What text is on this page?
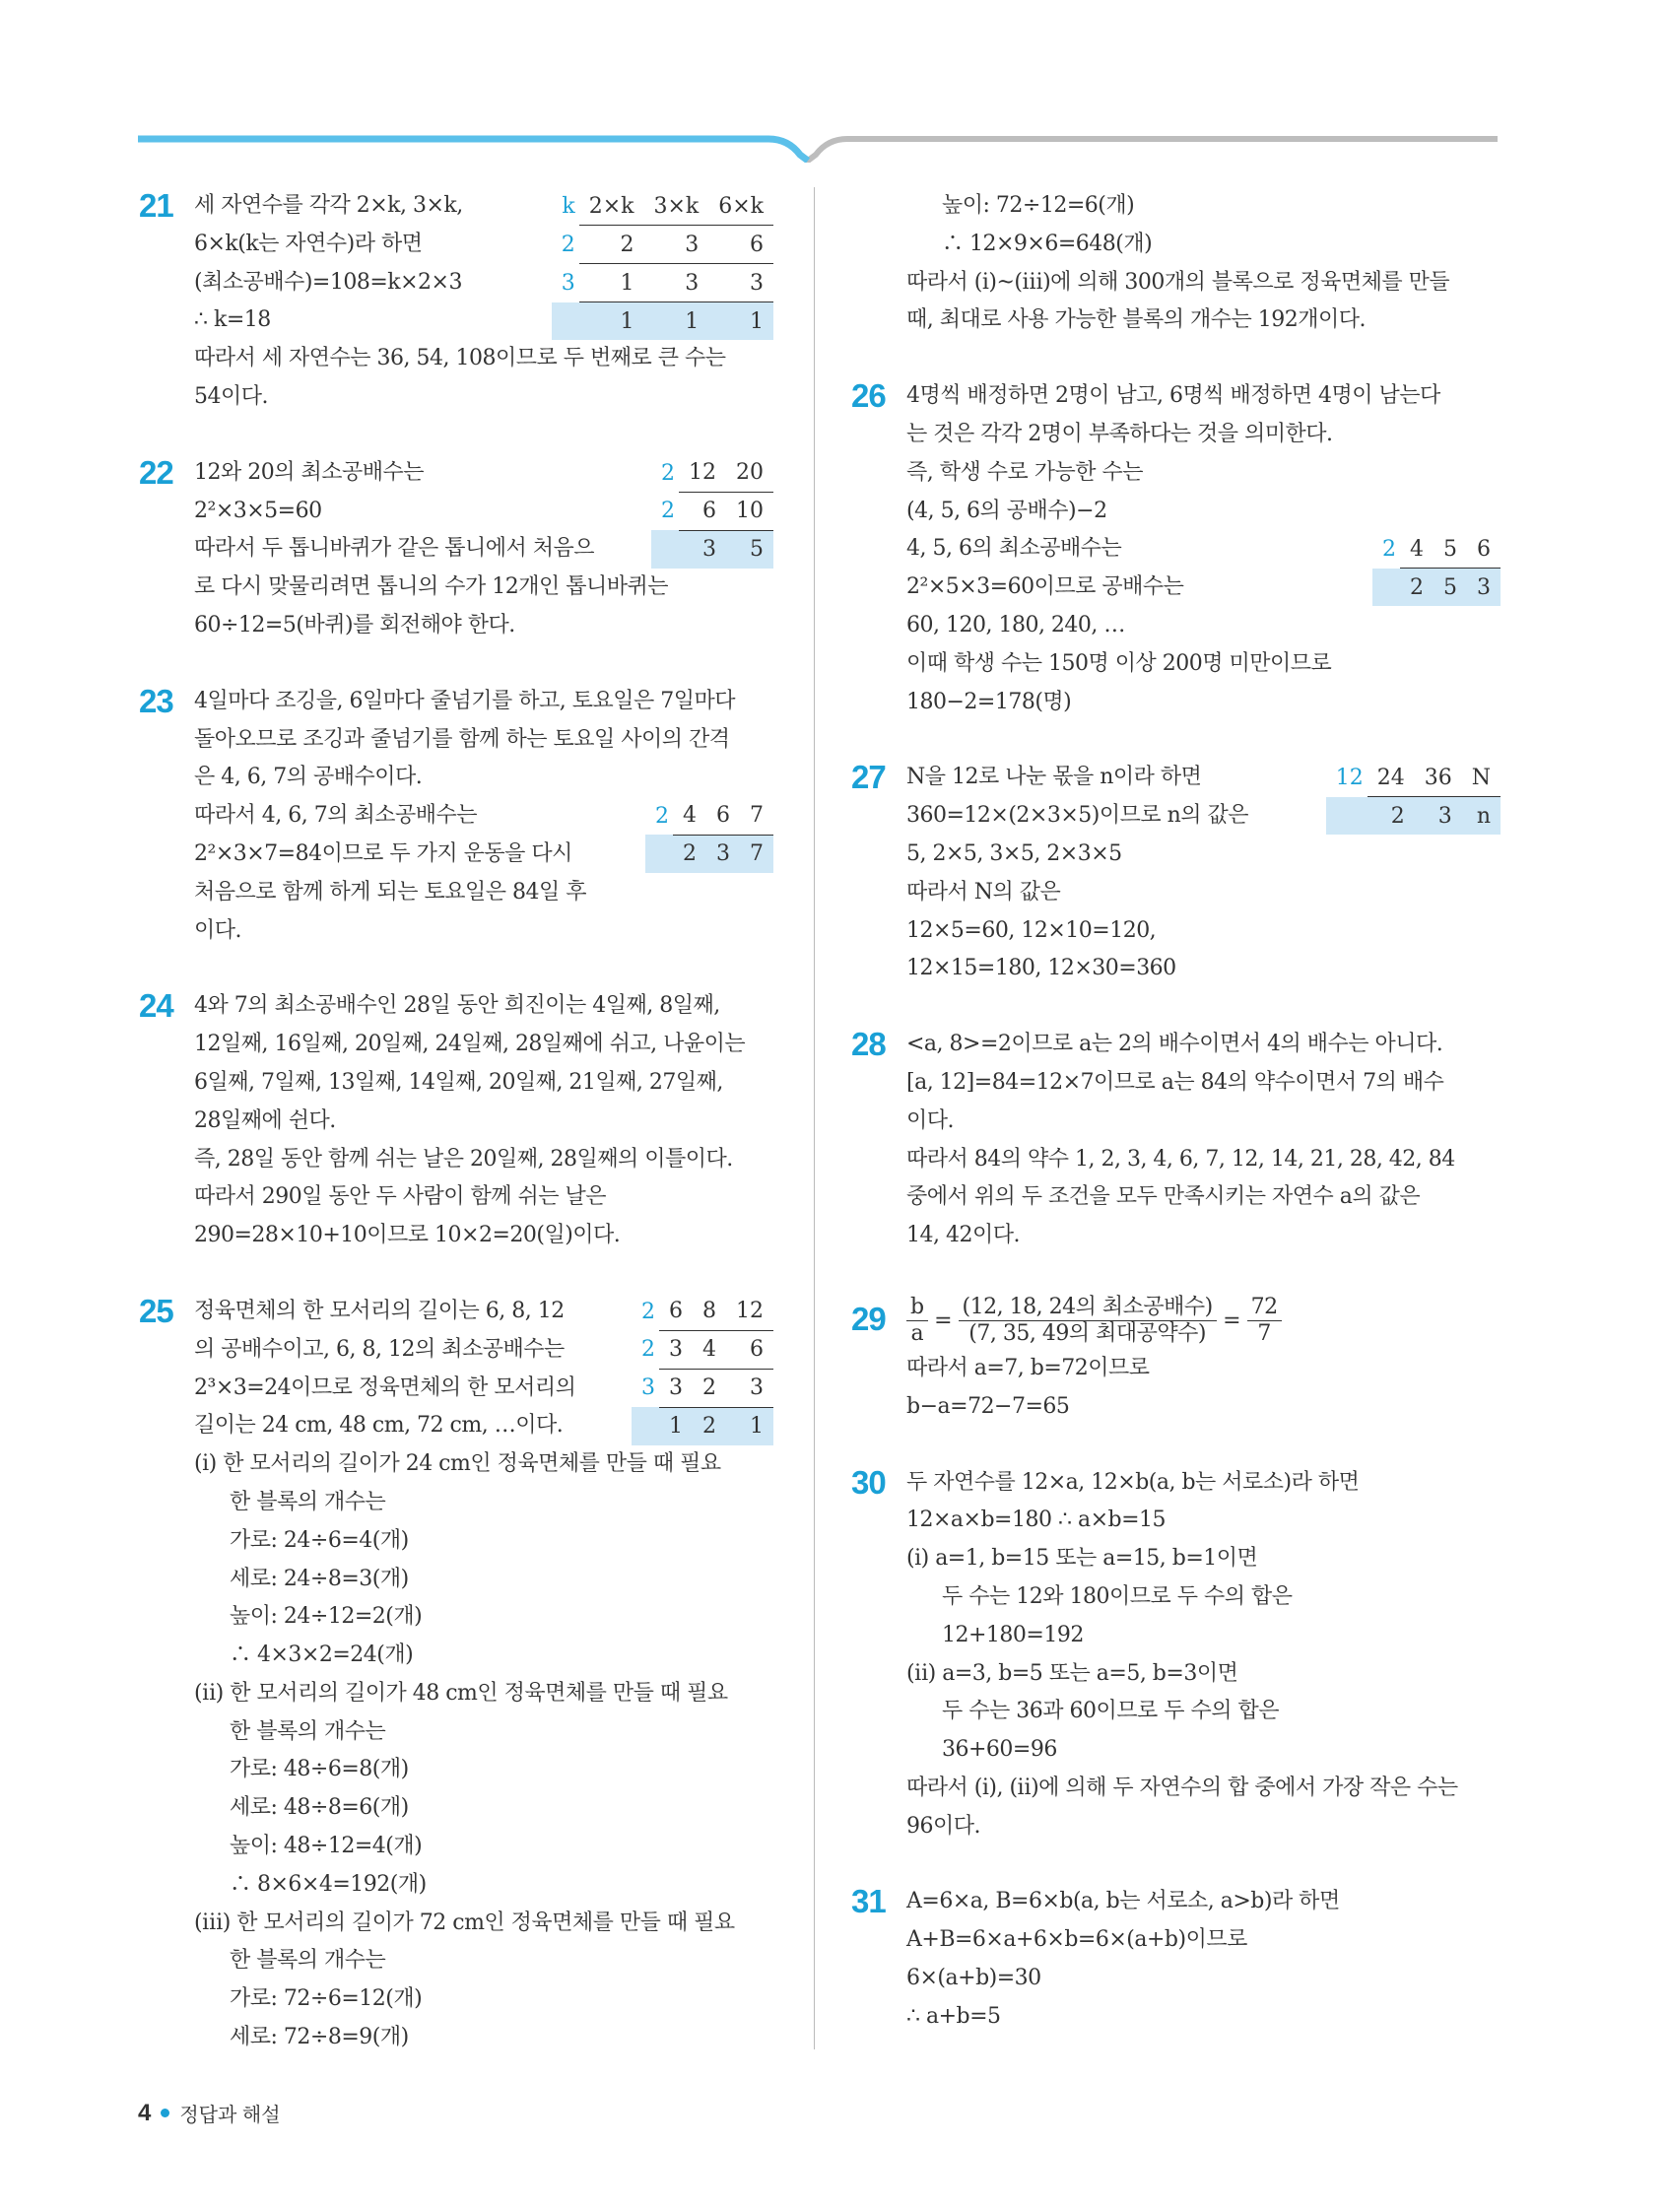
21	k	2×k	3×k	6×k
2	2	3	6
3	1	3	3
	1	1	1
세 자연수를 각각 2×k, 3×k,
6×k(k는 자연수)라 하면
(최소공배수)=108=k×2×3
∴ k=18
따라서 세 자연수는 36, 54, 108이므로 두 번째로 큰 수는
54이다.
22	2	12	20
2	6	10
	3	5
12와 20의 최소공배수는
2²×3×5=60
따라서 두 톱니바퀴가 같은 톱니에서 처음으
로 다시 맞물리려면 톱니의 수가 12개인 톱니바퀴는
60÷12=5(바퀴)를 회전해야 한다.
23
2	4	6	7
	2	3	7
4일마다 조깅을, 6일마다 줄넘기를 하고, 토요일은 7일마다
돌아오므로 조깅과 줄넘기를 함께 하는 토요일 사이의 간격
은 4, 6, 7의 공배수이다.
따라서 4, 6, 7의 최소공배수는
2²×3×7=84이므로 두 가지 운동을 다시
처음으로 함께 하게 되는 토요일은 84일 후
이다.
24 4와 7의 최소공배수인 28일 동안 희진이는 4일째, 8일째,
12일째, 16일째, 20일째, 24일째, 28일째에 쉬고, 나윤이는
6일째, 7일째, 13일째, 14일째, 20일째, 21일째, 27일째,
28일째에 쉰다.
즉, 28일 동안 함께 쉬는 날은 20일째, 28일째의 이틀이다.
따라서 290일 동안 두 사람이 함께 쉬는 날은
290=28×10+10이므로 10×2=20(일)이다.
25	2	6	8	12
2	3	4	6
3	3	2	3
	1	2	1
정육면체의 한 모서리의 길이는 6, 8, 12
의 공배수이고, 6, 8, 12의 최소공배수는
2³×3=24이므로 정육면체의 한 모서리의
길이는 24 cm, 48 cm, 72 cm, …이다.
(ⅰ) 한 모서리의 길이가 24 cm인 정육면체를 만들 때 필요
한 블록의 개수는
가로: 24÷6=4(개)
세로: 24÷8=3(개)
높이: 24÷12=2(개)
∴ 4×3×2=24(개)
(ⅱ) 한 모서리의 길이가 48 cm인 정육면체를 만들 때 필요
한 블록의 개수는
가로: 48÷6=8(개)
세로: 48÷8=6(개)
높이: 48÷12=4(개)
∴ 8×6×4=192(개)
(ⅲ) 한 모서리의 길이가 72 cm인 정육면체를 만들 때 필요
한 블록의 개수는
가로: 72÷6=12(개)
세로: 72÷8=9(개)
높이: 72÷12=6(개)
∴ 12×9×6=648(개)
따라서 (ⅰ)~(ⅲ)에 의해 300개의 블록으로 정육면체를 만들
때, 최대로 사용 가능한 블록의 개수는 192개이다.
26
2	4	5	6
	2	5	3
4명씩 배정하면 2명이 남고, 6명씩 배정하면 4명이 남는다
는 것은 각각 2명이 부족하다는 것을 의미한다.
즉, 학생 수로 가능한 수는
(4, 5, 6의 공배수)−2
4, 5, 6의 최소공배수는
2²×5×3=60이므로 공배수는
60, 120, 180, 240, …
이때 학생 수는 150명 이상 200명 미만이므로
180−2=178(명)
27	12	24	36	N
	2	3	n
N을 12로 나눈 몫을 n이라 하면
360=12×(2×3×5)이므로 n의 값은
5, 2×5, 3×5, 2×3×5
따라서 N의 값은
12×5=60, 12×10=120,
12×15=180, 12×30=360
28 <a, 8>=2이므로 a는 2의 배수이면서 4의 배수는 아니다.
[a, 12]=84=12×7이므로 a는 84의 약수이면서 7의 배수
이다.
따라서 84의 약수 1, 2, 3, 4, 6, 7, 12, 14, 21, 28, 42, 84
중에서 위의 두 조건을 모두 만족시키는 자연수 a의 값은
14, 42이다.
$29 \frac{b}{a} = \frac{\text{(12, 18, 24의 최소공배수)}}{\text{(7, 35, 49의 최대공약수)}} = \frac{72}{7}$
따라서 a=7, b=72이므로
b−a=72−7=65
30 두 자연수를 12×a, 12×b(a, b는 서로소)라 하면
12×a×b=180 ∴ a×b=15
(ⅰ) a=1, b=15 또는 a=15, b=1이면
두 수는 12와 180이므로 두 수의 합은
12+180=192
(ⅱ) a=3, b=5 또는 a=5, b=3이면
두 수는 36과 60이므로 두 수의 합은
36+60=96
따라서 (ⅰ), (ⅱ)에 의해 두 자연수의 합 중에서 가장 작은 수는
96이다.
31 A=6×a, B=6×b(a, b는 서로소, a>b)라 하면
A+B=6×a+6×b=6×(a+b)이므로
6×(a+b)=30
∴ a+b=5
4 정답과 해설
